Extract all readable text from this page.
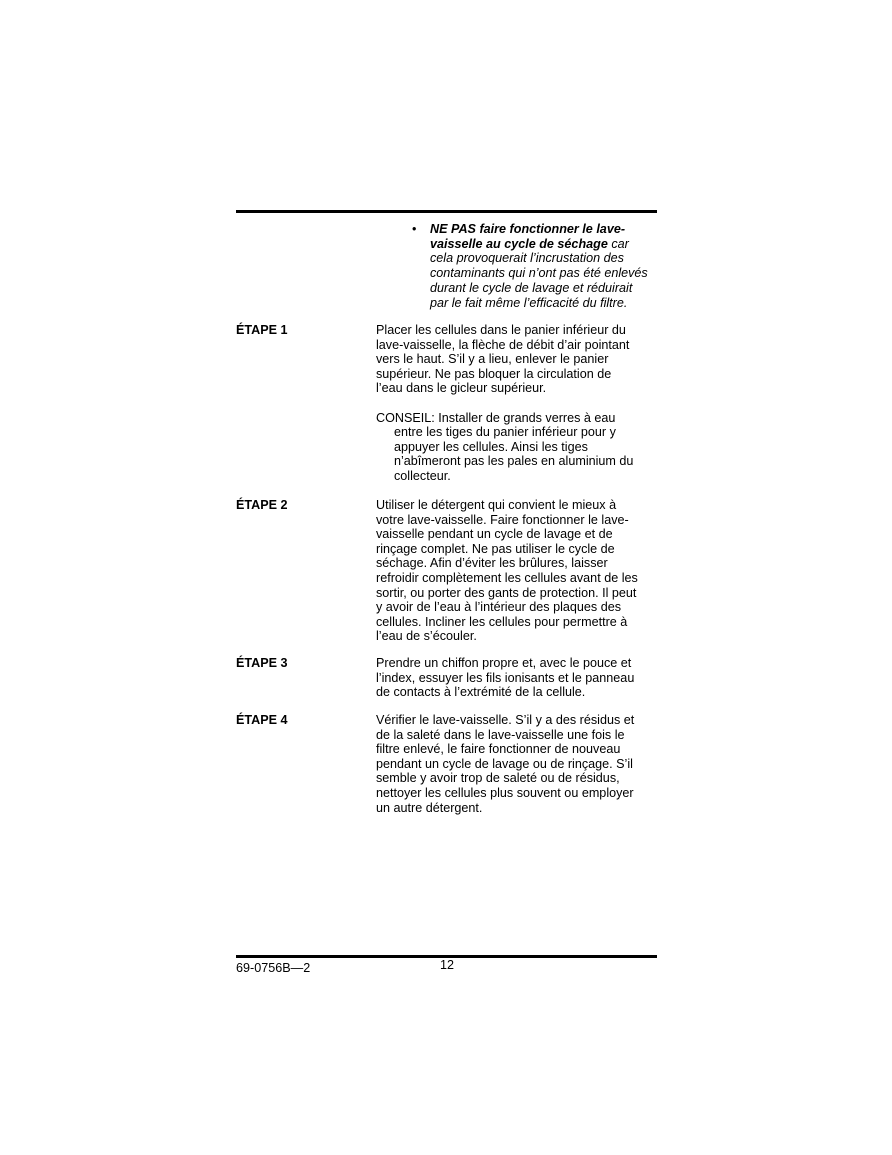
• NE PAS faire fonctionner le lave-
vaisselle au cycle de séchage car
cela provoquerait l’incrustation des
contaminants qui n’ont pas été enlevés
durant le cycle de lavage et réduirait
par le fait même l’efficacité du filtre.
ÉTAPE 1	Placer les cellules dans le panier inférieur du
lave-vaisselle, la flèche de débit d’air pointant
vers le haut. S’il y a lieu, enlever le panier
supérieur. Ne pas bloquer la circulation de
l’eau dans le gicleur supérieur.
CONSEIL: Installer de grands verres à eau
entre les tiges du panier inférieur pour y
appuyer les cellules. Ainsi les tiges
n’abîmeront pas les pales en aluminium du
collecteur.
ÉTAPE 2	Utiliser le détergent qui convient le mieux à
votre lave-vaisselle. Faire fonctionner le lave-
vaisselle pendant un cycle de lavage et de
rinçage complet. Ne pas utiliser le cycle de
séchage. Afin d’éviter les brûlures, laisser
refroidir complètement les cellules avant de les
sortir, ou porter des gants de protection. Il peut
y avoir de l’eau à l’intérieur des plaques des
cellules. Incliner les cellules pour permettre à
l’eau de s’écouler.
ÉTAPE 3	Prendre un chiffon propre et, avec le pouce et
l’index, essuyer les fils ionisants et le panneau
de contacts à l’extrémité de la cellule.
ÉTAPE 4	Vérifier le lave-vaisselle. S’il y a des résidus et
de la saleté dans le lave-vaisselle une fois le
filtre enlevé, le faire fonctionner de nouveau
pendant un cycle de lavage ou de rinçage. S’il
semble y avoir trop de saleté ou de résidus,
nettoyer les cellules plus souvent ou employer
un autre détergent.
69-0756B—2	12
